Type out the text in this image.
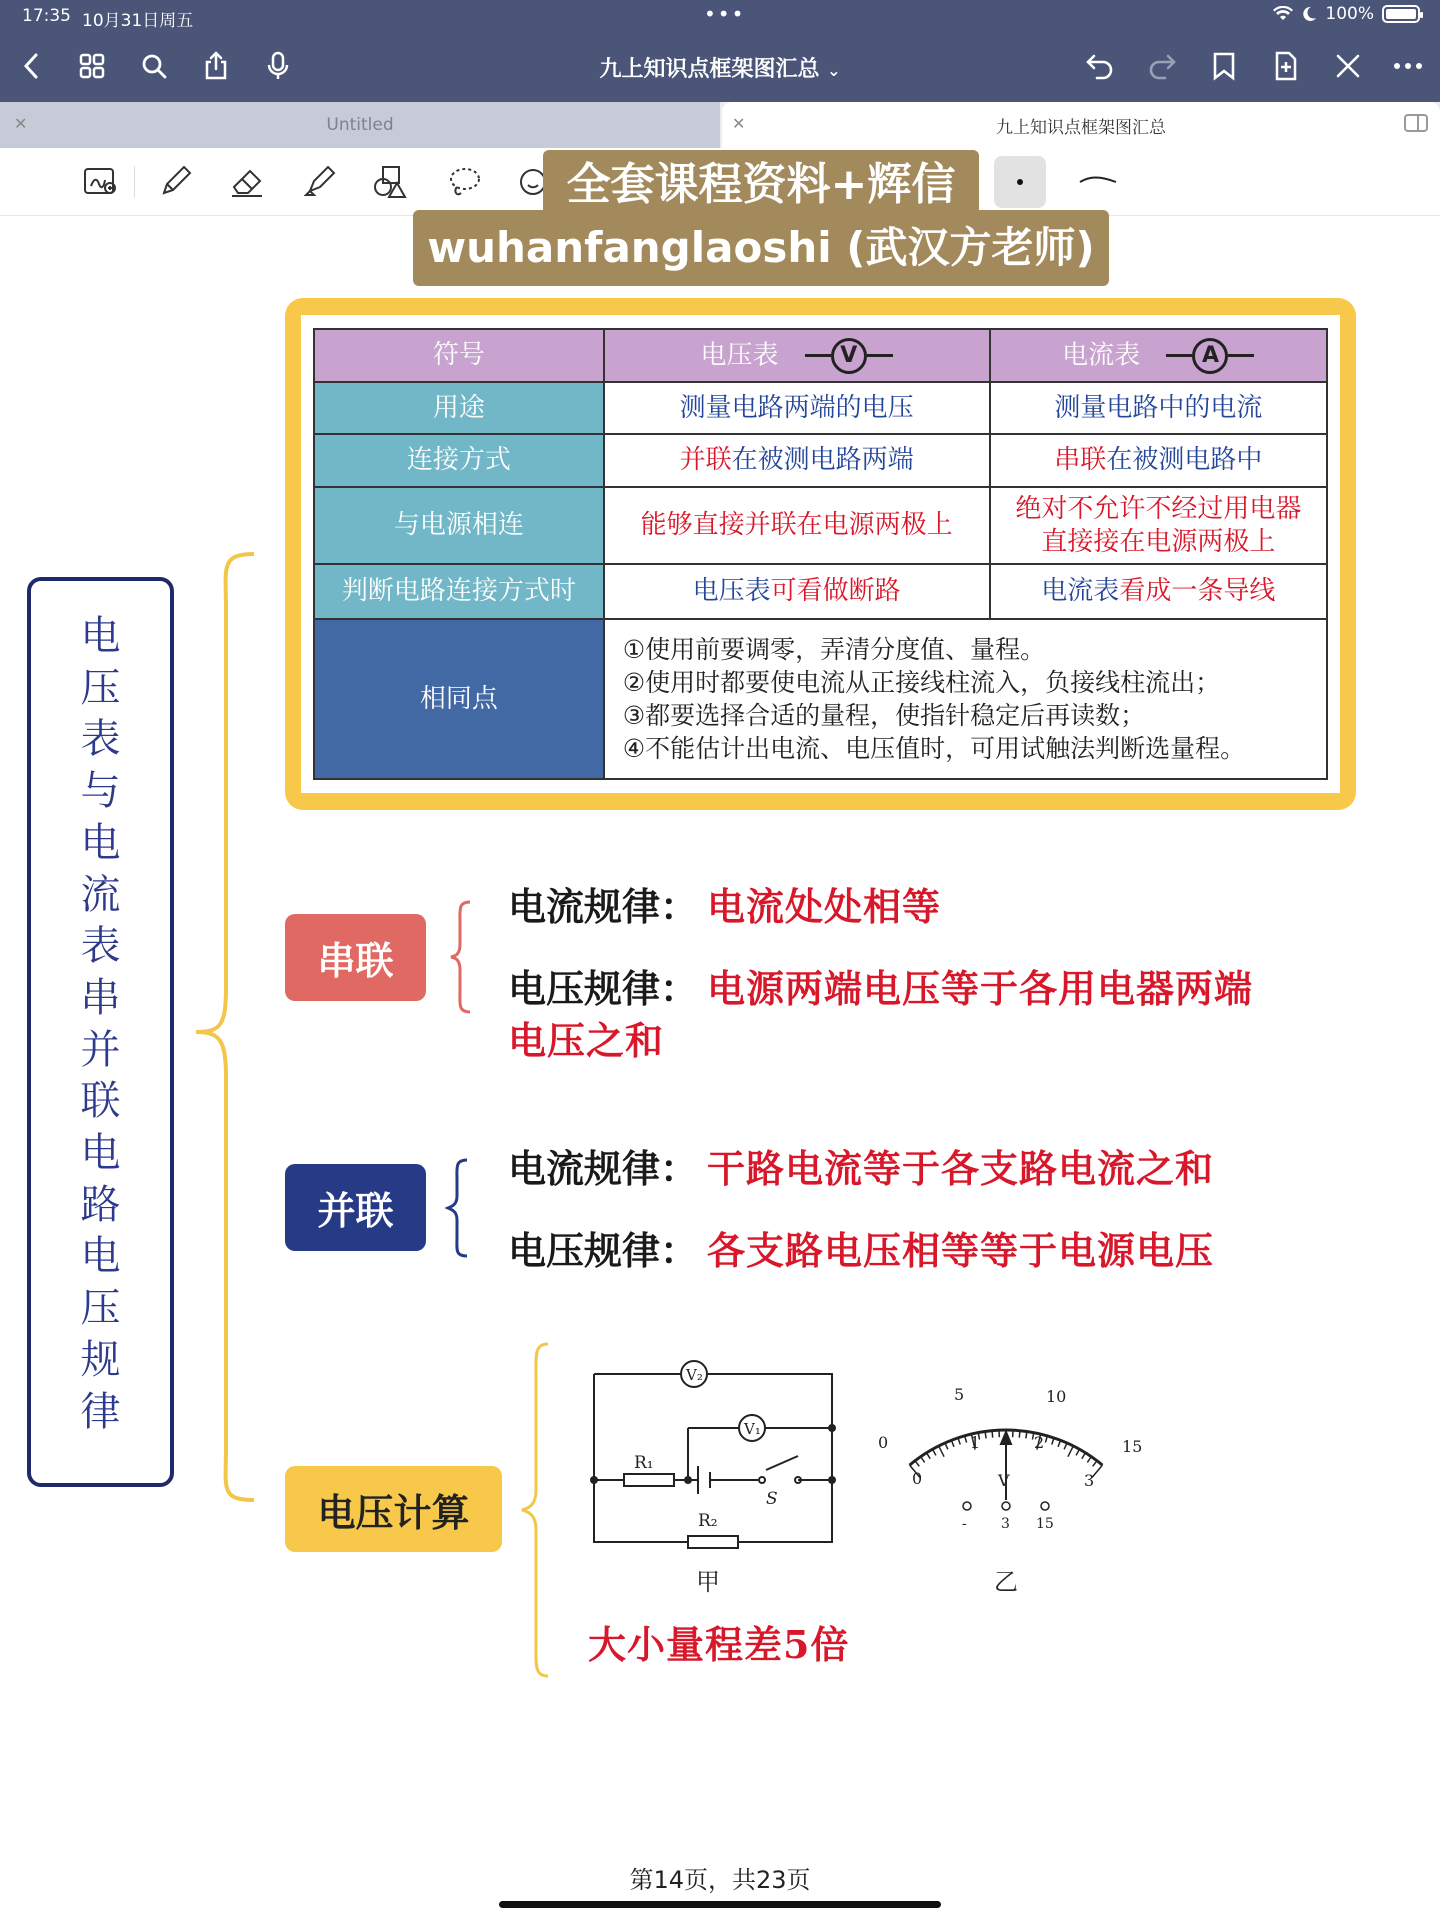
17:35 10月31日周五	•••	100%
九上知识点框架图汇总 ⌄
✕	Untitled	✕	九上知识点框架图汇总
全套课程资料+辉信
wuhanfanglaoshi (武汉方老师)
电压表与电流表串并联电路电压规律
符号	电压表 V	电流表 A

用途	测量电路两端的电压	测量电路中的电流
连接方式	并联在被测电路两端	串联在被测电路中
与电源相连	能够直接并联在电源两极上	绝对不允许不经过用电器
直接接在电源两极上

判断电路连接方式时	电压表可看做断路	电流表看成一条导线
相同点	①使用前要调零，弄清分度值、量程。
②使用时都要使电流从正接线柱流入，负接线柱流出；
③都要选择合适的量程，使指针稳定后再读数；
④不能估计出电流、电压值时，可用试触法判断选量程。	
串联
电流规律： 电流处处相等
电压规律： 电源两端电压等于各用电器两端
电压之和
并联
电流规律： 干路电流等于各支路电流之和
电压规律： 各支路电压相等等于电源电压
电压计算
V₂
V₁
R₁
R₂
S
甲
0
5	10
15
0
1	2
3
V
- 3 15
乙
大小量程差5倍
第14页，共23页
